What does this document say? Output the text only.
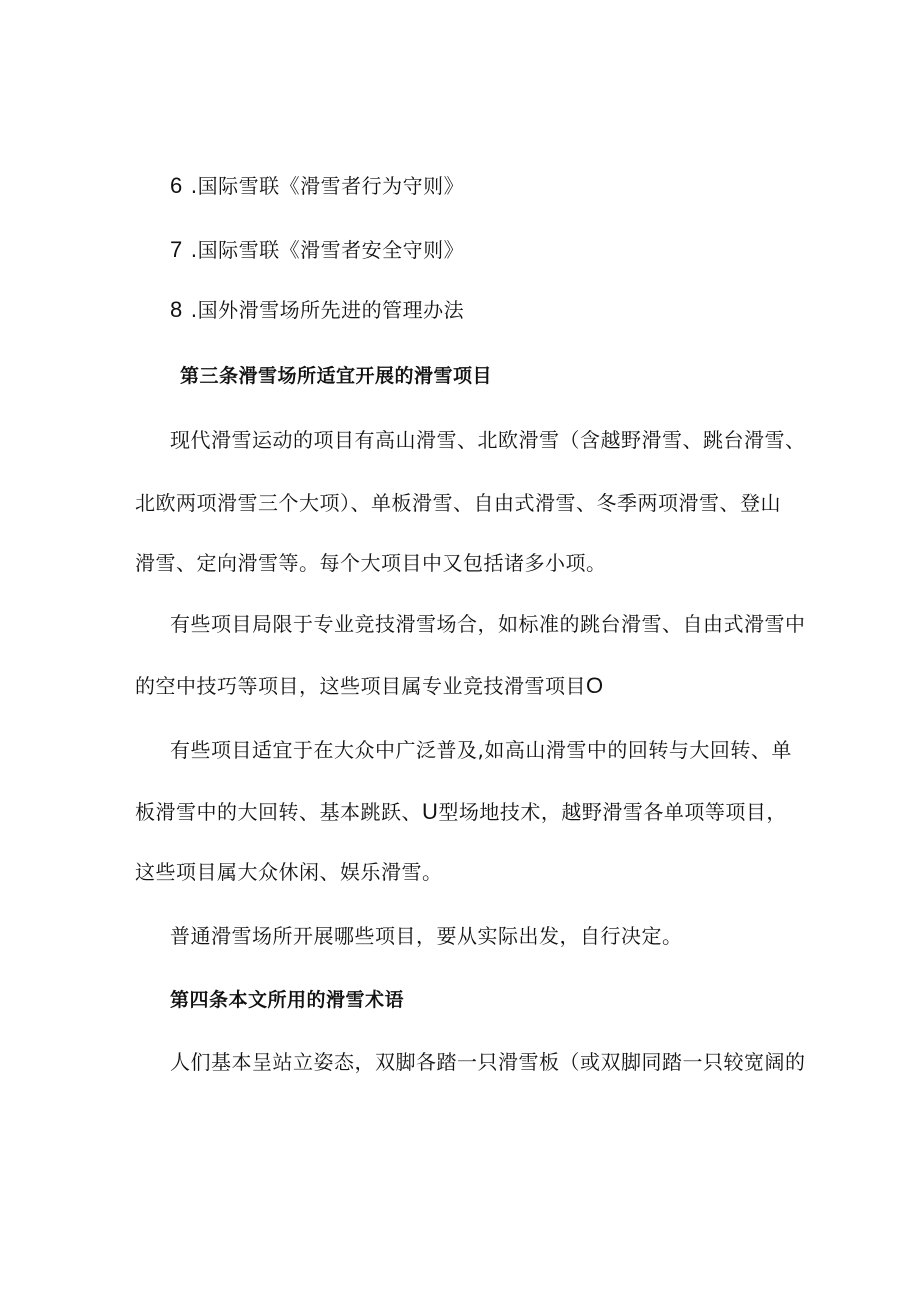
6 .国际雪联《滑雪者行为守则》
7 .国际雪联《滑雪者安全守则》
8 .国外滑雪场所先进的管理办法
第三条滑雪场所适宜开展的滑雪项目
现代滑雪运动的项目有高山滑雪、北欧滑雪（含越野滑雪、跳台滑雪、
北欧两项滑雪三个大项）、单板滑雪、自由式滑雪、冬季两项滑雪、登山
滑雪、定向滑雪等。每个大项目中又包括诸多小项。
有些项目局限于专业竞技滑雪场合，如标准的跳台滑雪、自由式滑雪中
的空中技巧等项目，这些项目属专业竞技滑雪项目O
有些项目适宜于在大众中广泛普及,如高山滑雪中的回转与大回转、单
板滑雪中的大回转、基本跳跃、U型场地技术，越野滑雪各单项等项目，
这些项目属大众休闲、娱乐滑雪。
普通滑雪场所开展哪些项目，要从实际出发，自行决定。
第四条本文所用的滑雪术语
人们基本呈站立姿态，双脚各踏一只滑雪板（或双脚同踏一只较宽阔的
